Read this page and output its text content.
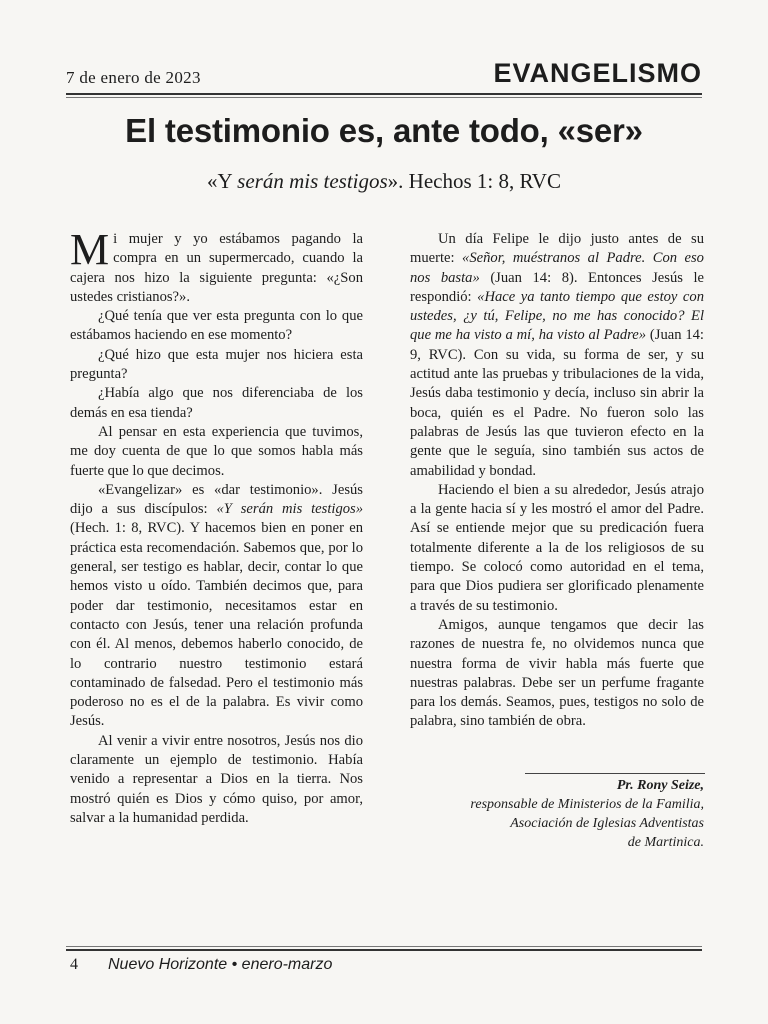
7 de enero de 2023	EVANGELISMO
El testimonio es, ante todo, «ser»
«Y serán mis testigos». Hechos 1: 8, RVC

Mi mujer y yo estábamos pagando la compra en un supermercado, cuando la cajera nos hizo la siguiente pregunta: «¿Son ustedes cristianos?».

¿Qué tenía que ver esta pregunta con lo que estábamos haciendo en ese momento?

¿Qué hizo que esta mujer nos hiciera esta pregunta?

¿Había algo que nos diferenciaba de los demás en esa tienda?

Al pensar en esta experiencia que tuvimos, me doy cuenta de que lo que somos habla más fuerte que lo que decimos.

«Evangelizar» es «dar testimonio». Jesús dijo a sus discípulos: «Y serán mis testigos» (Hech. 1: 8, RVC). Y hacemos bien en poner en práctica esta recomendación. Sabemos que, por lo general, ser testigo es hablar, decir, contar lo que hemos visto u oído. También decimos que, para poder dar testimonio, necesitamos estar en contacto con Jesús, tener una relación profunda con él. Al menos, debemos haberlo conocido, de lo contrario nuestro testimonio estará contaminado de falsedad. Pero el testimonio más poderoso no es el de la palabra. Es vivir como Jesús.

Al venir a vivir entre nosotros, Jesús nos dio claramente un ejemplo de testimonio. Había venido a representar a Dios en la tierra. Nos mostró quién es Dios y cómo quiso, por amor, salvar a la humanidad perdida.

Un día Felipe le dijo justo antes de su muerte: «Señor, muéstranos al Padre. Con eso nos basta» (Juan 14: 8). Entonces Jesús le respondió: «Hace ya tanto tiempo que estoy con ustedes, ¿y tú, Felipe, no me has conocido? El que me ha visto a mí, ha visto al Padre» (Juan 14: 9, RVC). Con su vida, su forma de ser, y su actitud ante las pruebas y tribulaciones de la vida, Jesús daba testimonio y decía, incluso sin abrir la boca, quién es el Padre. No fueron solo las palabras de Jesús las que tuvieron efecto en la gente que le seguía, sino también sus actos de amabilidad y bondad.

Haciendo el bien a su alrededor, Jesús atrajo a la gente hacia sí y les mostró el amor del Padre. Así se entiende mejor que su predicación fuera totalmente diferente a la de los religiosos de su tiempo. Se colocó como autoridad en el tema, para que Dios pudiera ser glorificado plenamente a través de su testimonio.

Amigos, aunque tengamos que decir las razones de nuestra fe, no olvidemos nunca que nuestra forma de vivir habla más fuerte que nuestras palabras. Debe ser un perfume fragante para los demás. Seamos, pues, testigos no solo de palabra, sino también de obra.

Pr. Rony Seize,
responsable de Ministerios de la Familia,
Asociación de Iglesias Adventistas
de Martinica.
4 Nuevo Horizonte • enero-marzo
